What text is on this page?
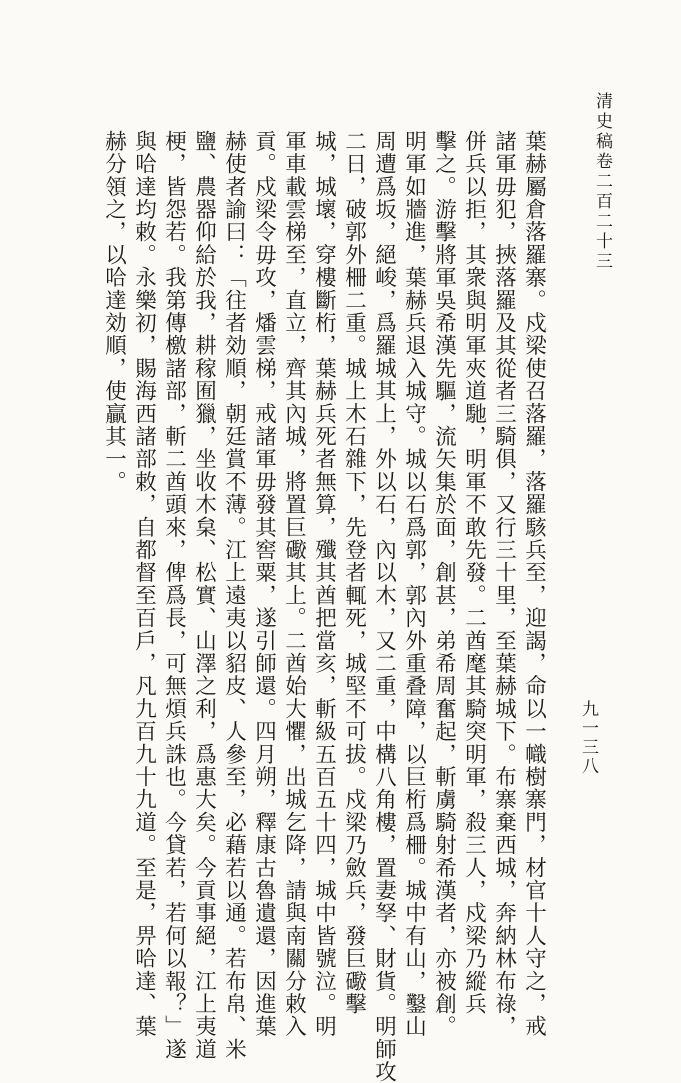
清史稿卷二百二十三
九一三八
葉赫屬倉落羅寨。戍梁使召落羅，落羅駭兵至，迎謁，命以一幟樹寨門，材官十人守之，戒
諸軍毋犯，挾落羅及其從者三騎俱，又行三十里，至葉赫城下。布寨棄西城，奔納林布祿，
併兵以拒，其衆與明軍夾道馳，明軍不敢先發。二酋麾其騎突明軍，殺三人，戍梁乃縱兵
擊之。游擊將軍吳希漢先驅，流矢集於面，創甚，弟希周奮起，斬虜騎射希漢者，亦被創。
明軍如牆進，葉赫兵退入城守。城以石爲郭，郭內外重叠障，以巨桁爲柵。城中有山，鑿山
周遭爲坂，絕峻，爲羅城其上，外以石，內以木，又二重，中構八角樓，置妻孥、財貨。明師攻
二日，破郭外柵二重。城上木石雜下，先登者輒死，城堅不可拔。戍梁乃斂兵，發巨礮擊
城，城壞，穿樓斷桁，葉赫兵死者無算，殲其酋把當亥，斬級五百五十四，城中皆號泣。明
軍車載雲梯至，直立，齊其內城，將置巨礮其上。二酋始大懼，出城乞降，請與南關分敕入
貢。戍梁令毋攻，燔雲梯，戒諸軍毋發其窖粟，遂引師還。四月朔，釋康古魯遺還，因進葉
赫使者諭曰：「往者効順，朝廷賞不薄。江上遠夷以貂皮、人參至，必藉若以通。若布帛、米
鹽、農器仰給於我，耕稼囿獵，坐收木枲、松實、山澤之利，爲惠大矣。今貢事絕，江上夷道
梗，皆怨若。我第傳檄諸部，斬二酋頭來，俾爲長，可無煩兵誅也。今貸若，若何以報？」遂
與哈達均敕。永樂初，賜海西諸部敕，自都督至百戶，凡九百九十九道。至是，畀哈達、葉
赫分領之，以哈達効順，使贏其一。
